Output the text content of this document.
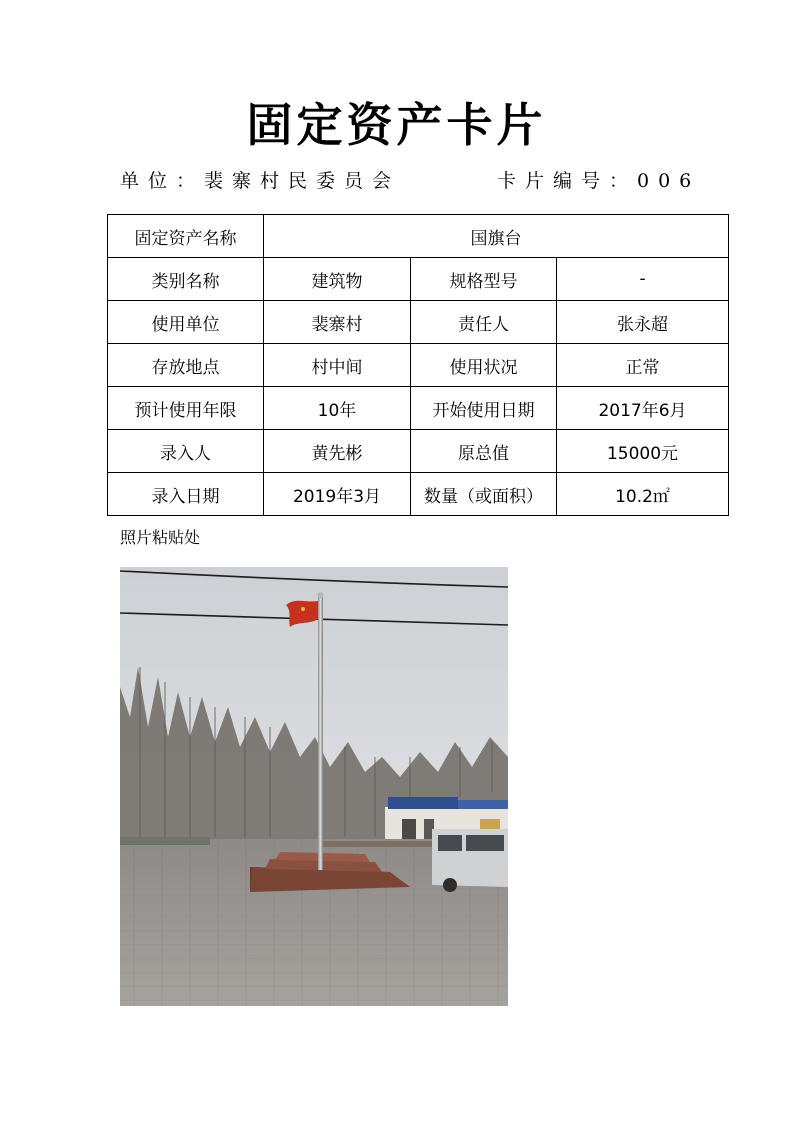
固定资产卡片
单位：裴寨村民委员会	卡片编号：006
固定资产名称	国旗台		
类别名称	建筑物	规格型号	-
使用单位	裴寨村	责任人	张永超
存放地点	村中间	使用状况	正常
预计使用年限	10年	开始使用日期	2017年6月
录入人	黄先彬	原总值	15000元
录入日期	2019年3月	数量（或面积）	10.2㎡
照片粘贴处
